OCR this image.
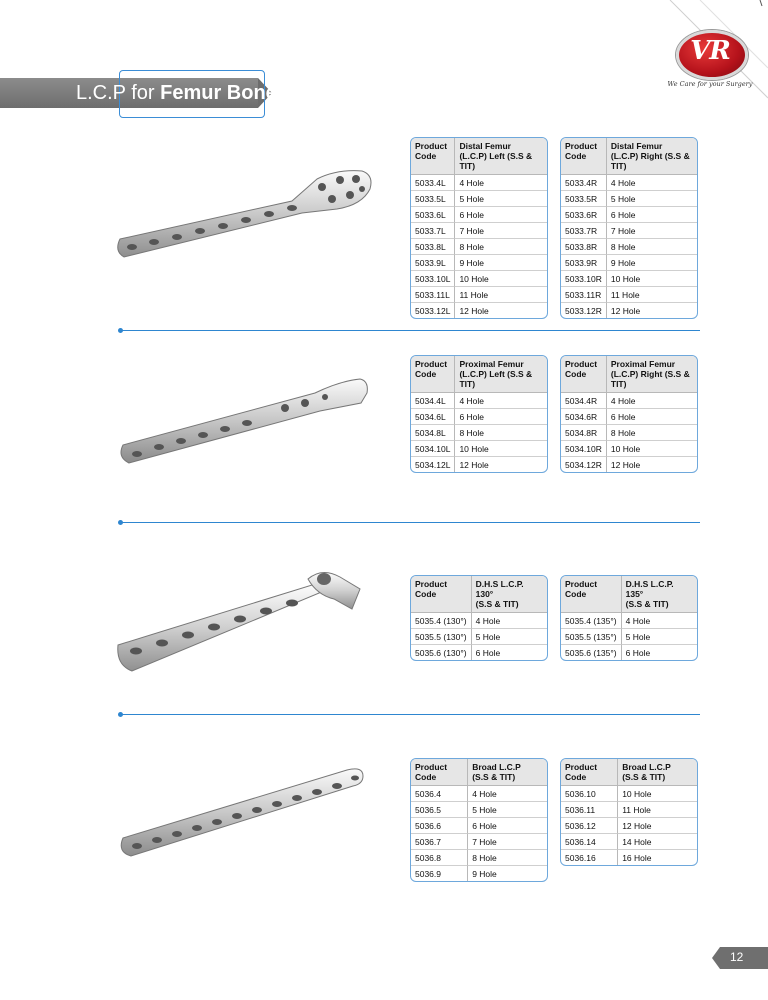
VR
We Care for your Surgery
L.C.P for Femur Bone
Product
Code	Distal Femur
(L.C.P) Left (S.S & TIT)
5033.4L	4 Hole
5033.5L	5 Hole
5033.6L	6 Hole
5033.7L	7 Hole
5033.8L	8 Hole
5033.9L	9 Hole
5033.10L	10 Hole
5033.11L	11 Hole
5033.12L	12 Hole
Product
Code	Distal Femur
(L.C.P) Right (S.S & TIT)
5033.4R	4 Hole
5033.5R	5 Hole
5033.6R	6 Hole
5033.7R	7 Hole
5033.8R	8 Hole
5033.9R	9 Hole
5033.10R	10 Hole
5033.11R	11 Hole
5033.12R	12 Hole
Product
Code	Proximal Femur
(L.C.P) Left (S.S & TIT)
5034.4L	4 Hole
5034.6L	6 Hole
5034.8L	8 Hole
5034.10L	10 Hole
5034.12L	12 Hole
Product
Code	Proximal Femur
(L.C.P) Right (S.S & TIT)
5034.4R	4 Hole
5034.6R	6 Hole
5034.8R	8 Hole
5034.10R	10 Hole
5034.12R	12 Hole
Product
Code	D.H.S L.C.P. 130°
(S.S & TIT)
5035.4 (130°)	4 Hole
5035.5 (130°)	5 Hole
5035.6 (130°)	6 Hole
Product
Code	D.H.S L.C.P. 135°
(S.S & TIT)
5035.4 (135°)	4 Hole
5035.5 (135°)	5 Hole
5035.6 (135°)	6 Hole
Product
Code	Broad L.C.P
(S.S & TIT)
5036.4	4 Hole
5036.5	5 Hole
5036.6	6 Hole
5036.7	7 Hole
5036.8	8 Hole
5036.9	9 Hole
Product
Code	Broad L.C.P
(S.S & TIT)
5036.10	10 Hole
5036.11	11 Hole
5036.12	12 Hole
5036.14	14 Hole
5036.16	16 Hole
12
